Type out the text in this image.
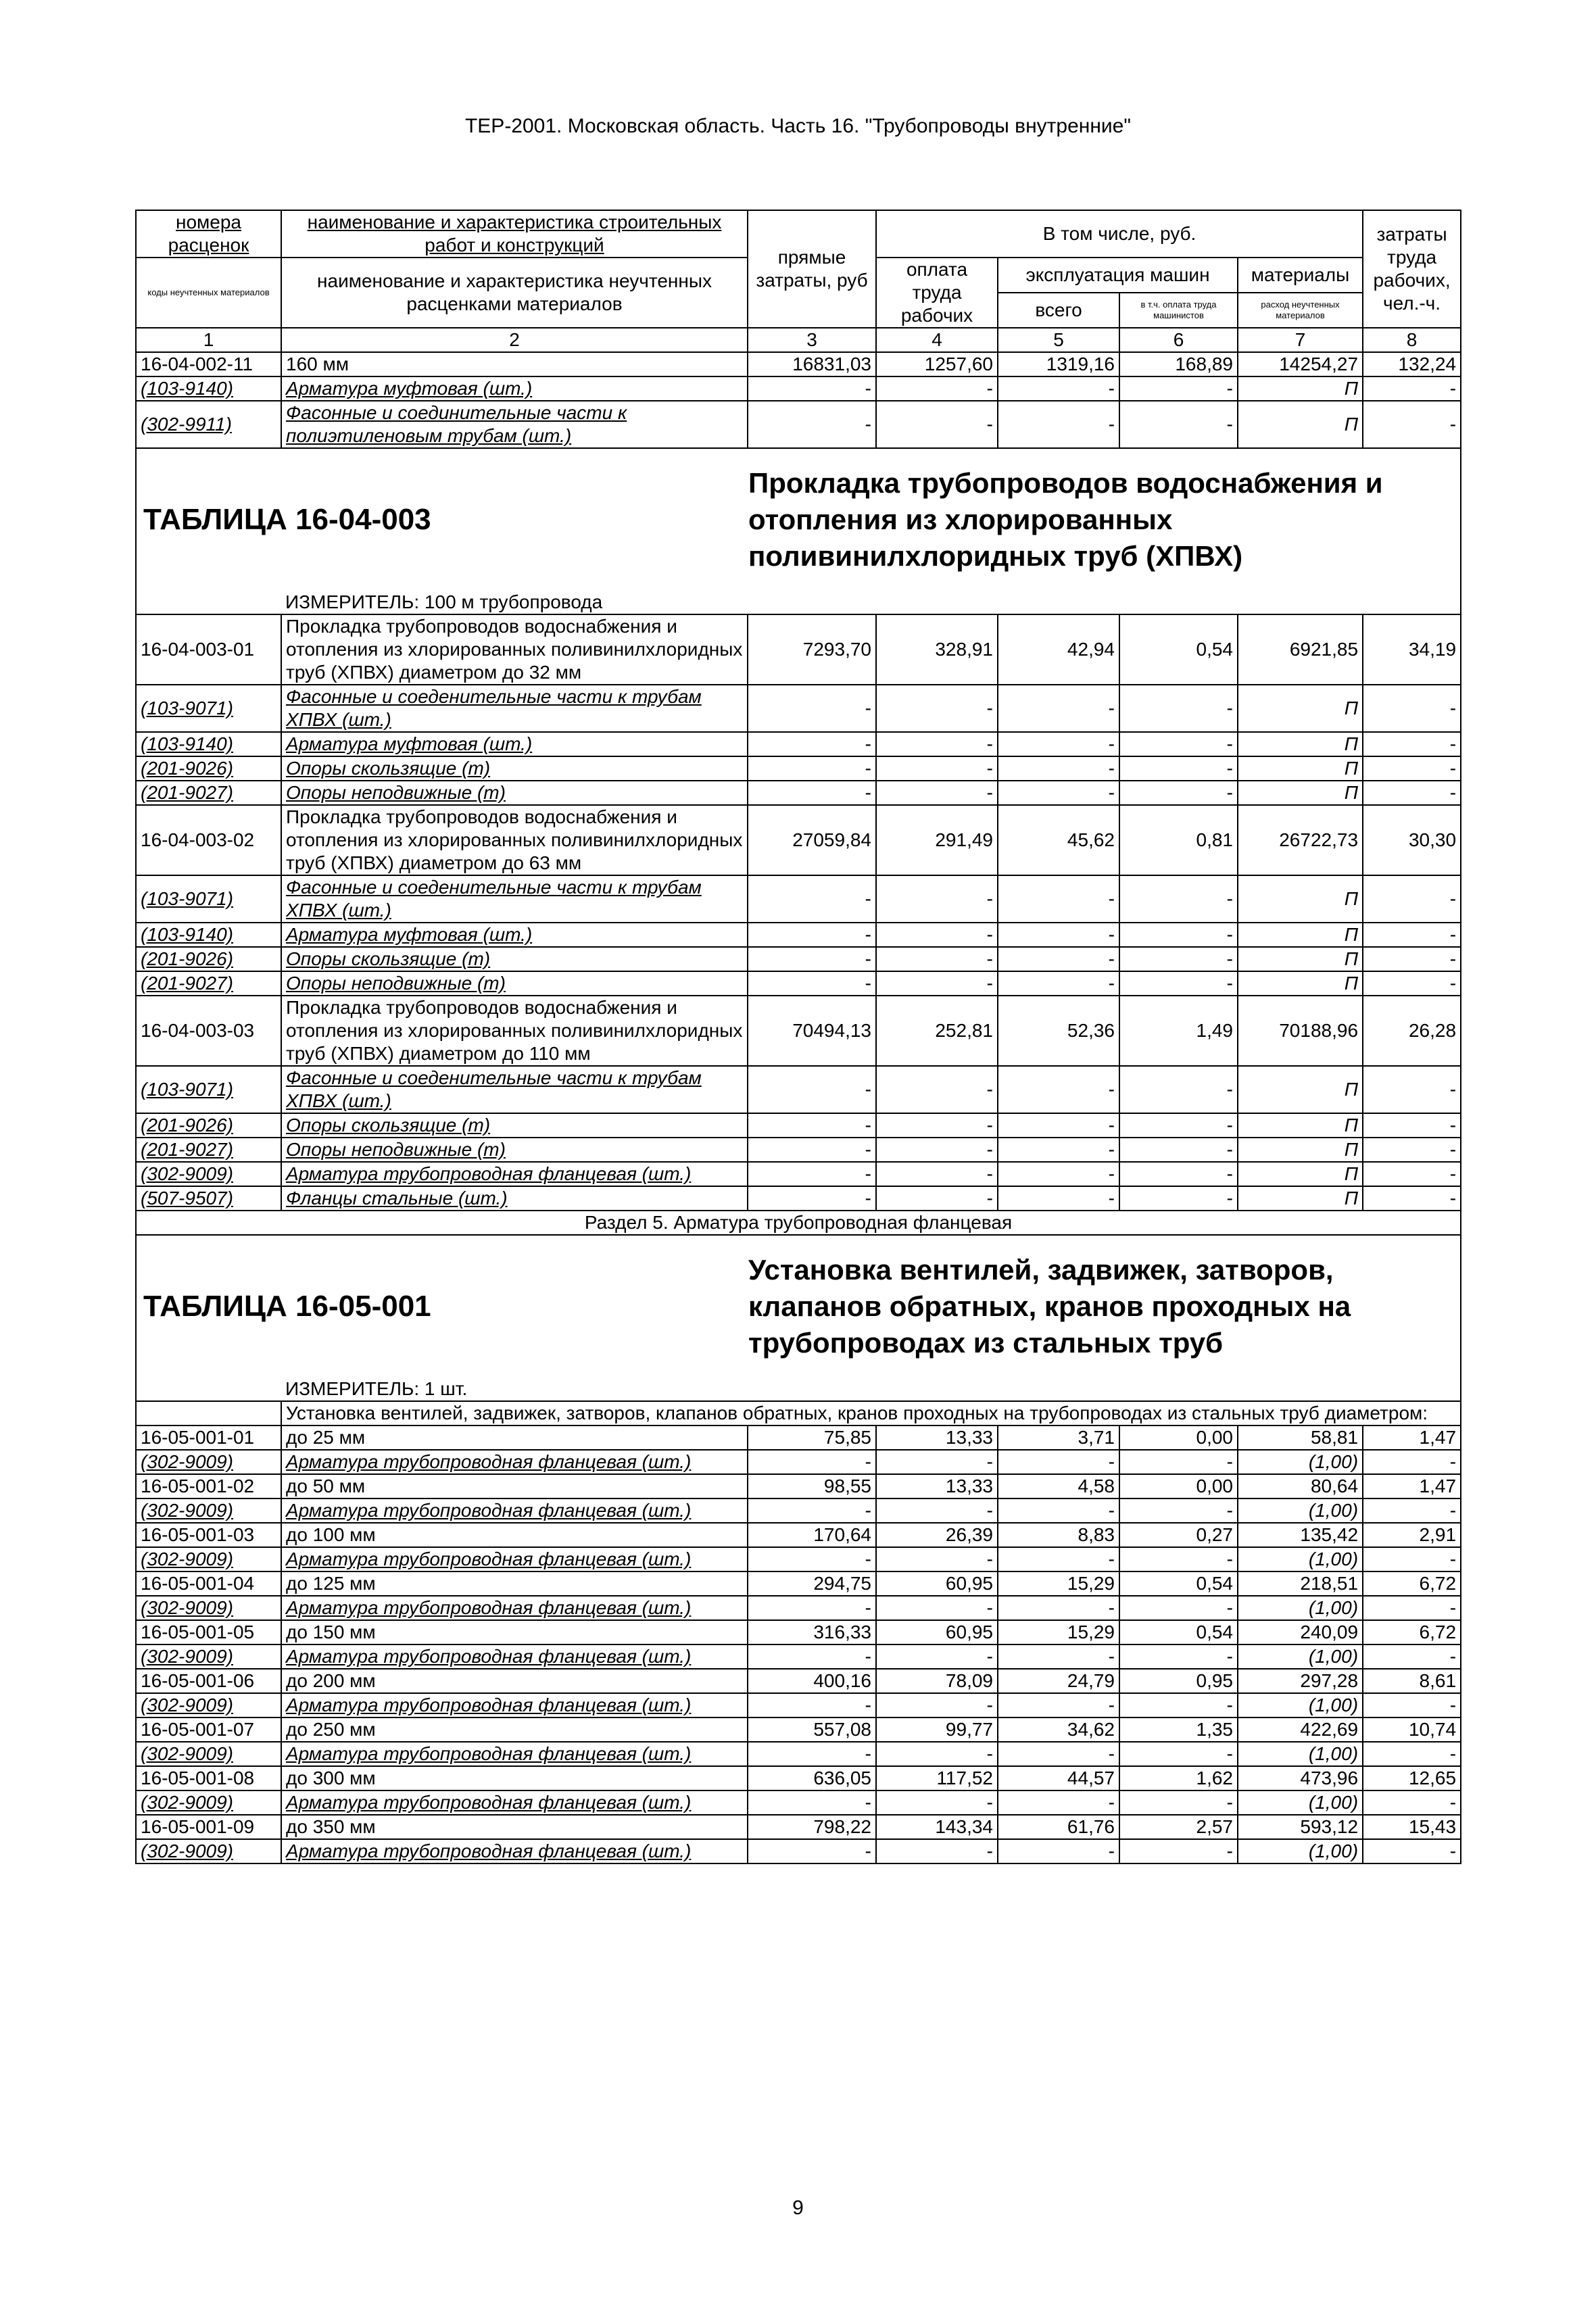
ТЕР-2001. Московская область. Часть 16. "Трубопроводы внутренние"
номера расценок	наименование и характеристика строительных работ и конструкций	прямые затраты, руб	В том числе, руб.				затраты труда рабочих, чел.-ч.
коды неучтенных материалов	наименование и характеристика неучтенных расценками материалов		оплата труда рабочих	эксплуатация машин		материалы	
				всего	в т.ч. оплата труда машинистов	расход неучтенных материалов	
1	2	3	4	5	6	7	8
16-04-002-11	160 мм	16831,03	1257,60	1319,16	168,89	14254,27	132,24
(103-9140)	Арматура муфтовая (шт.)	-	-	-	-	П	-
(302-9911)	Фасонные и соединительные части к полиэтиленовым трубам (шт.)	-	-	-	-	П	-

ТАБЛИЦА 16-04-003
Прокладка трубопроводов водоснабжения и отопления из хлорированных поливинилхлоридных труб (ХПВХ)							

	ИЗМЕРИТЕЛЬ: 100 м трубопровода						
16-04-003-01	Прокладка трубопроводов водоснабжения и отопления из хлорированных поливинилхлоридных труб (ХПВХ) диаметром до 32 мм	7293,70	328,91	42,94	0,54	6921,85	34,19
(103-9071)	Фасонные и соеденительные части к трубам ХПВХ (шт.)	-	-	-	-	П	-
(103-9140)	Арматура муфтовая (шт.)	-	-	-	-	П	-
(201-9026)	Опоры скользящие (т)	-	-	-	-	П	-
(201-9027)	Опоры неподвижные (т)	-	-	-	-	П	-
16-04-003-02	Прокладка трубопроводов водоснабжения и отопления из хлорированных поливинилхлоридных труб (ХПВХ) диаметром до 63 мм	27059,84	291,49	45,62	0,81	26722,73	30,30
(103-9071)	Фасонные и соеденительные части к трубам ХПВХ (шт.)	-	-	-	-	П	-
(103-9140)	Арматура муфтовая (шт.)	-	-	-	-	П	-
(201-9026)	Опоры скользящие (т)	-	-	-	-	П	-
(201-9027)	Опоры неподвижные (т)	-	-	-	-	П	-
16-04-003-03	Прокладка трубопроводов водоснабжения и отопления из хлорированных поливинилхлоридных труб (ХПВХ) диаметром до 110 мм	70494,13	252,81	52,36	1,49	70188,96	26,28
(103-9071)	Фасонные и соеденительные части к трубам ХПВХ (шт.)	-	-	-	-	П	-
(201-9026)	Опоры скользящие (т)	-	-	-	-	П	-
(201-9027)	Опоры неподвижные (т)	-	-	-	-	П	-
(302-9009)	Арматура трубопроводная фланцевая (шт.)	-	-	-	-	П	-
(507-9507)	Фланцы стальные (шт.)	-	-	-	-	П	-
Раздел 5. Арматура трубопроводная фланцевая							

ТАБЛИЦА 16-05-001
Установка вентилей, задвижек, затворов, клапанов обратных, кранов проходных на трубопроводах из стальных труб							

	ИЗМЕРИТЕЛЬ: 1 шт.						
	Установка вентилей, задвижек, затворов, клапанов обратных, кранов проходных на трубопроводах из стальных труб диаметром:						
16-05-001-01	до 25 мм	75,85	13,33	3,71	0,00	58,81	1,47
(302-9009)	Арматура трубопроводная фланцевая (шт.)	-	-	-	-	(1,00)	-
16-05-001-02	до 50 мм	98,55	13,33	4,58	0,00	80,64	1,47
(302-9009)	Арматура трубопроводная фланцевая (шт.)	-	-	-	-	(1,00)	-
16-05-001-03	до 100 мм	170,64	26,39	8,83	0,27	135,42	2,91
(302-9009)	Арматура трубопроводная фланцевая (шт.)	-	-	-	-	(1,00)	-
16-05-001-04	до 125 мм	294,75	60,95	15,29	0,54	218,51	6,72
(302-9009)	Арматура трубопроводная фланцевая (шт.)	-	-	-	-	(1,00)	-
16-05-001-05	до 150 мм	316,33	60,95	15,29	0,54	240,09	6,72
(302-9009)	Арматура трубопроводная фланцевая (шт.)	-	-	-	-	(1,00)	-
16-05-001-06	до 200 мм	400,16	78,09	24,79	0,95	297,28	8,61
(302-9009)	Арматура трубопроводная фланцевая (шт.)	-	-	-	-	(1,00)	-
16-05-001-07	до 250 мм	557,08	99,77	34,62	1,35	422,69	10,74
(302-9009)	Арматура трубопроводная фланцевая (шт.)	-	-	-	-	(1,00)	-
16-05-001-08	до 300 мм	636,05	117,52	44,57	1,62	473,96	12,65
(302-9009)	Арматура трубопроводная фланцевая (шт.)	-	-	-	-	(1,00)	-
16-05-001-09	до 350 мм	798,22	143,34	61,76	2,57	593,12	15,43
(302-9009)	Арматура трубопроводная фланцевая (шт.)	-	-	-	-	(1,00)	-
9
